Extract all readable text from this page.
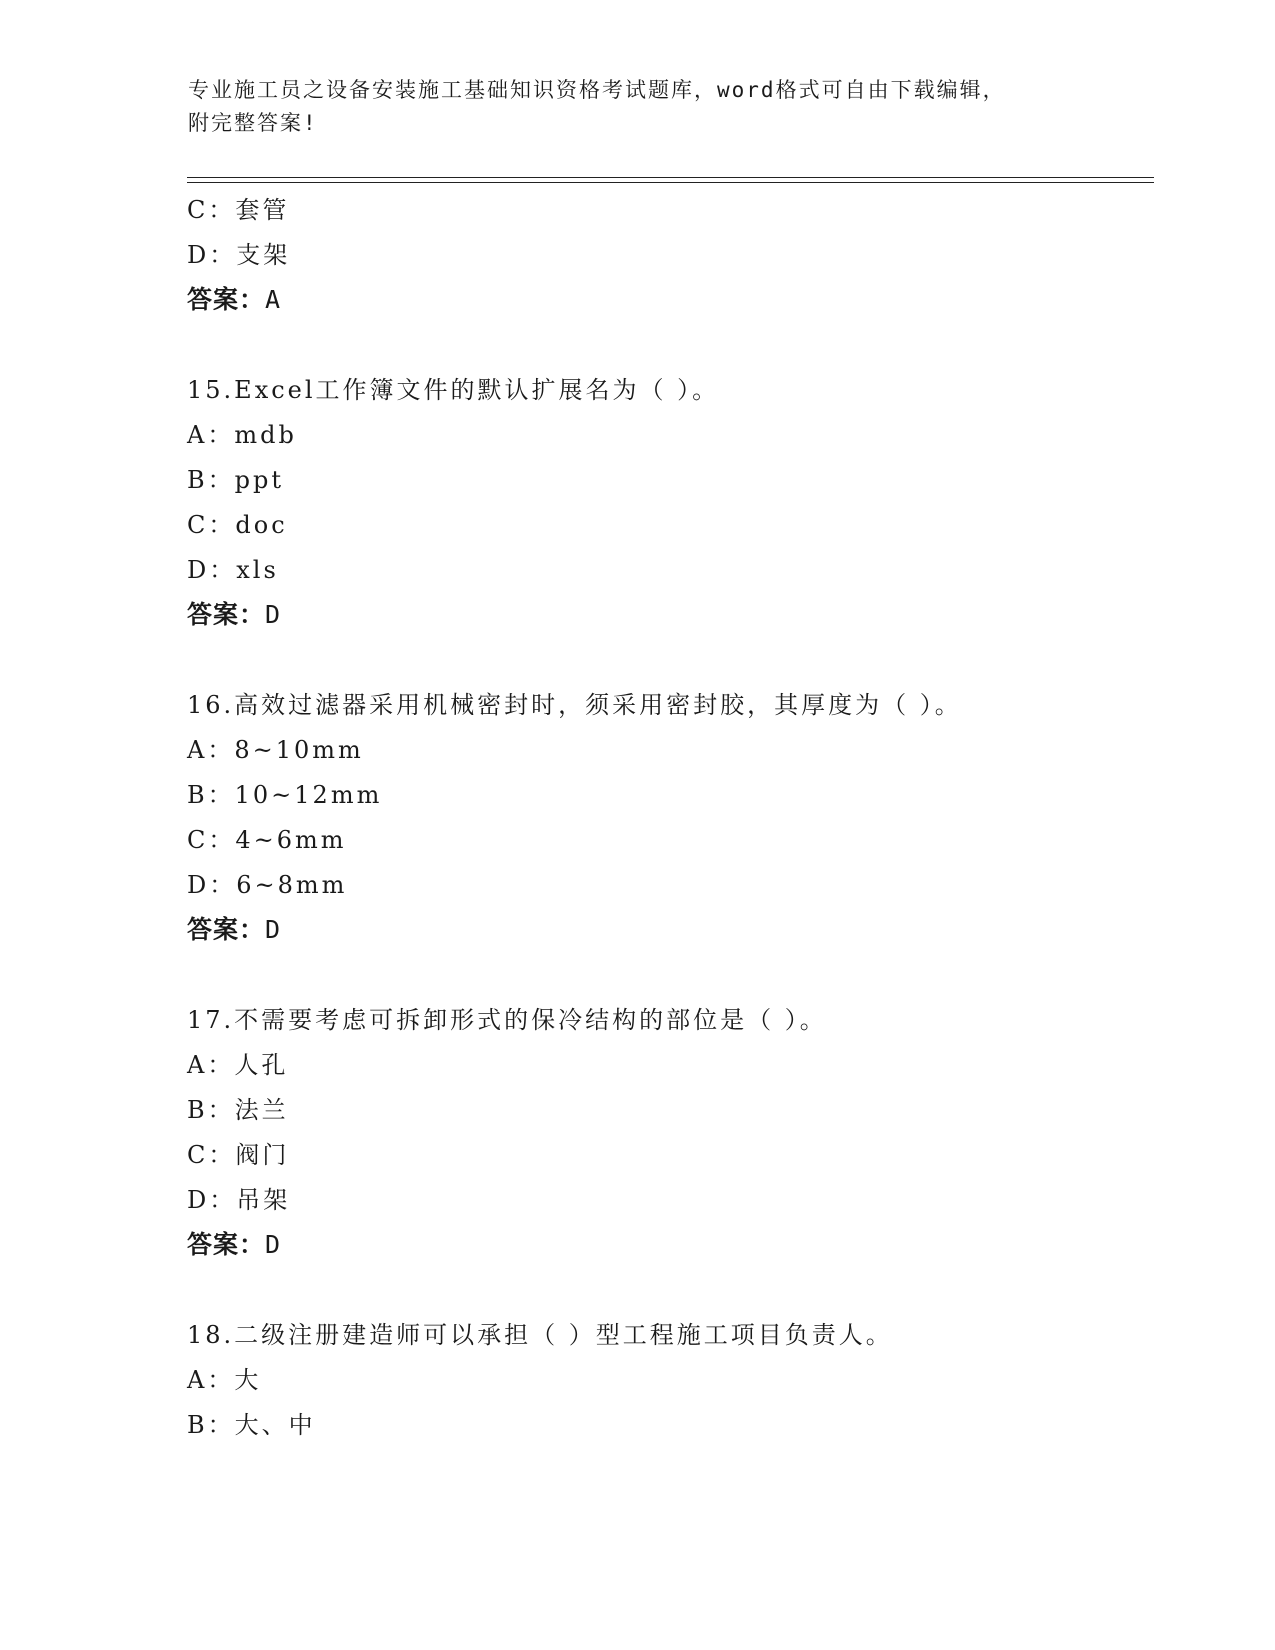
专业施工员之设备安装施工基础知识资格考试题库，word格式可自由下载编辑，
附完整答案!
C：套管
D：支架
答案：A
15.Excel工作簿文件的默认扩展名为（ ）。
A：mdb
B：ppt
C：doc
D：xls
答案：D
16.高效过滤器采用机械密封时，须采用密封胶，其厚度为（ ）。
A：8~10mm
B：10~12mm
C：4~6mm
D：6~8mm
答案：D
17.不需要考虑可拆卸形式的保冷结构的部位是（ ）。
A：人孔
B：法兰
C：阀门
D：吊架
答案：D
18.二级注册建造师可以承担（ ）型工程施工项目负责人。
A：大
B：大、中
